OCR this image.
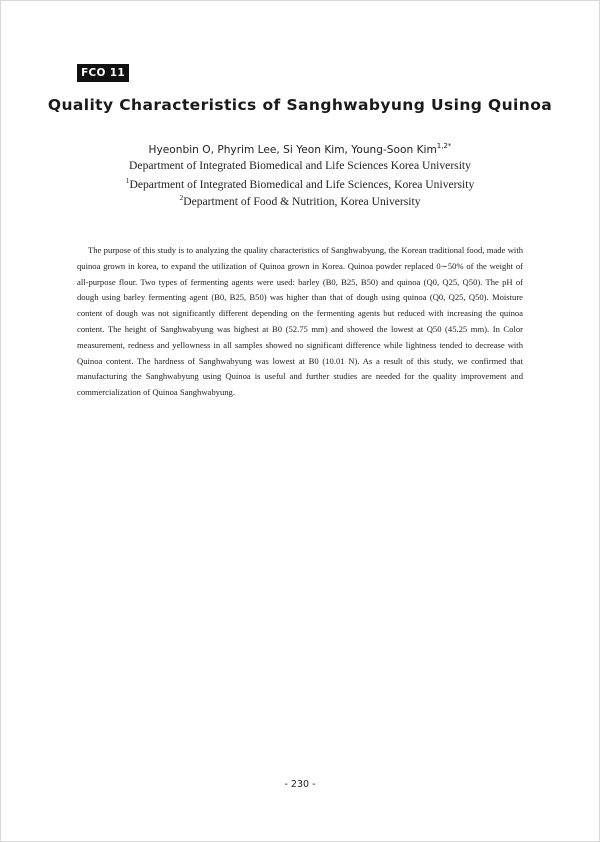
FCO 11
Quality Characteristics of Sanghwabyung Using Quinoa
Hyeonbin O, Phyrim Lee, Si Yeon Kim, Young-Soon Kim$^{1,2*}$
Department of Integrated Biomedical and Life Sciences Korea University
$^1$Department of Integrated Biomedical and Life Sciences, Korea University
$^2$Department of Food & Nutrition, Korea University

The purpose of this study is to analyzing the quality characteristics of Sanghwabyung, the Korean traditional food, made with quinoa grown in korea, to expand the utilization of Quinoa grown in Korea. Quinoa powder replaced 0∼50% of the weight of all-purpose flour. Two types of fermenting agents were used: barley (B0, B25, B50) and quinoa (Q0, Q25, Q50). The pH of dough using barley fermenting agent (B0, B25, B50) was higher than that of dough using quinoa (Q0, Q25, Q50). Moisture content of dough was not significantly different depending on the fermenting agents but reduced with increasing the quinoa content. The height of Sanghwabyung was highest at B0 (52.75 mm) and showed the lowest at Q50 (45.25 mm). In Color measurement, redness and yellowness in all samples showed no significant difference while lightness tended to decrease with Quinoa content. The hardness of Sanghwabyung was lowest at B0 (10.01 N). As a result of this study, we confirmed that manufacturing the Sanghwabyung using Quinoa is useful and further studies are needed for the quality improvement and commercialization of Quinoa Sanghwabyung.

- 230 -
